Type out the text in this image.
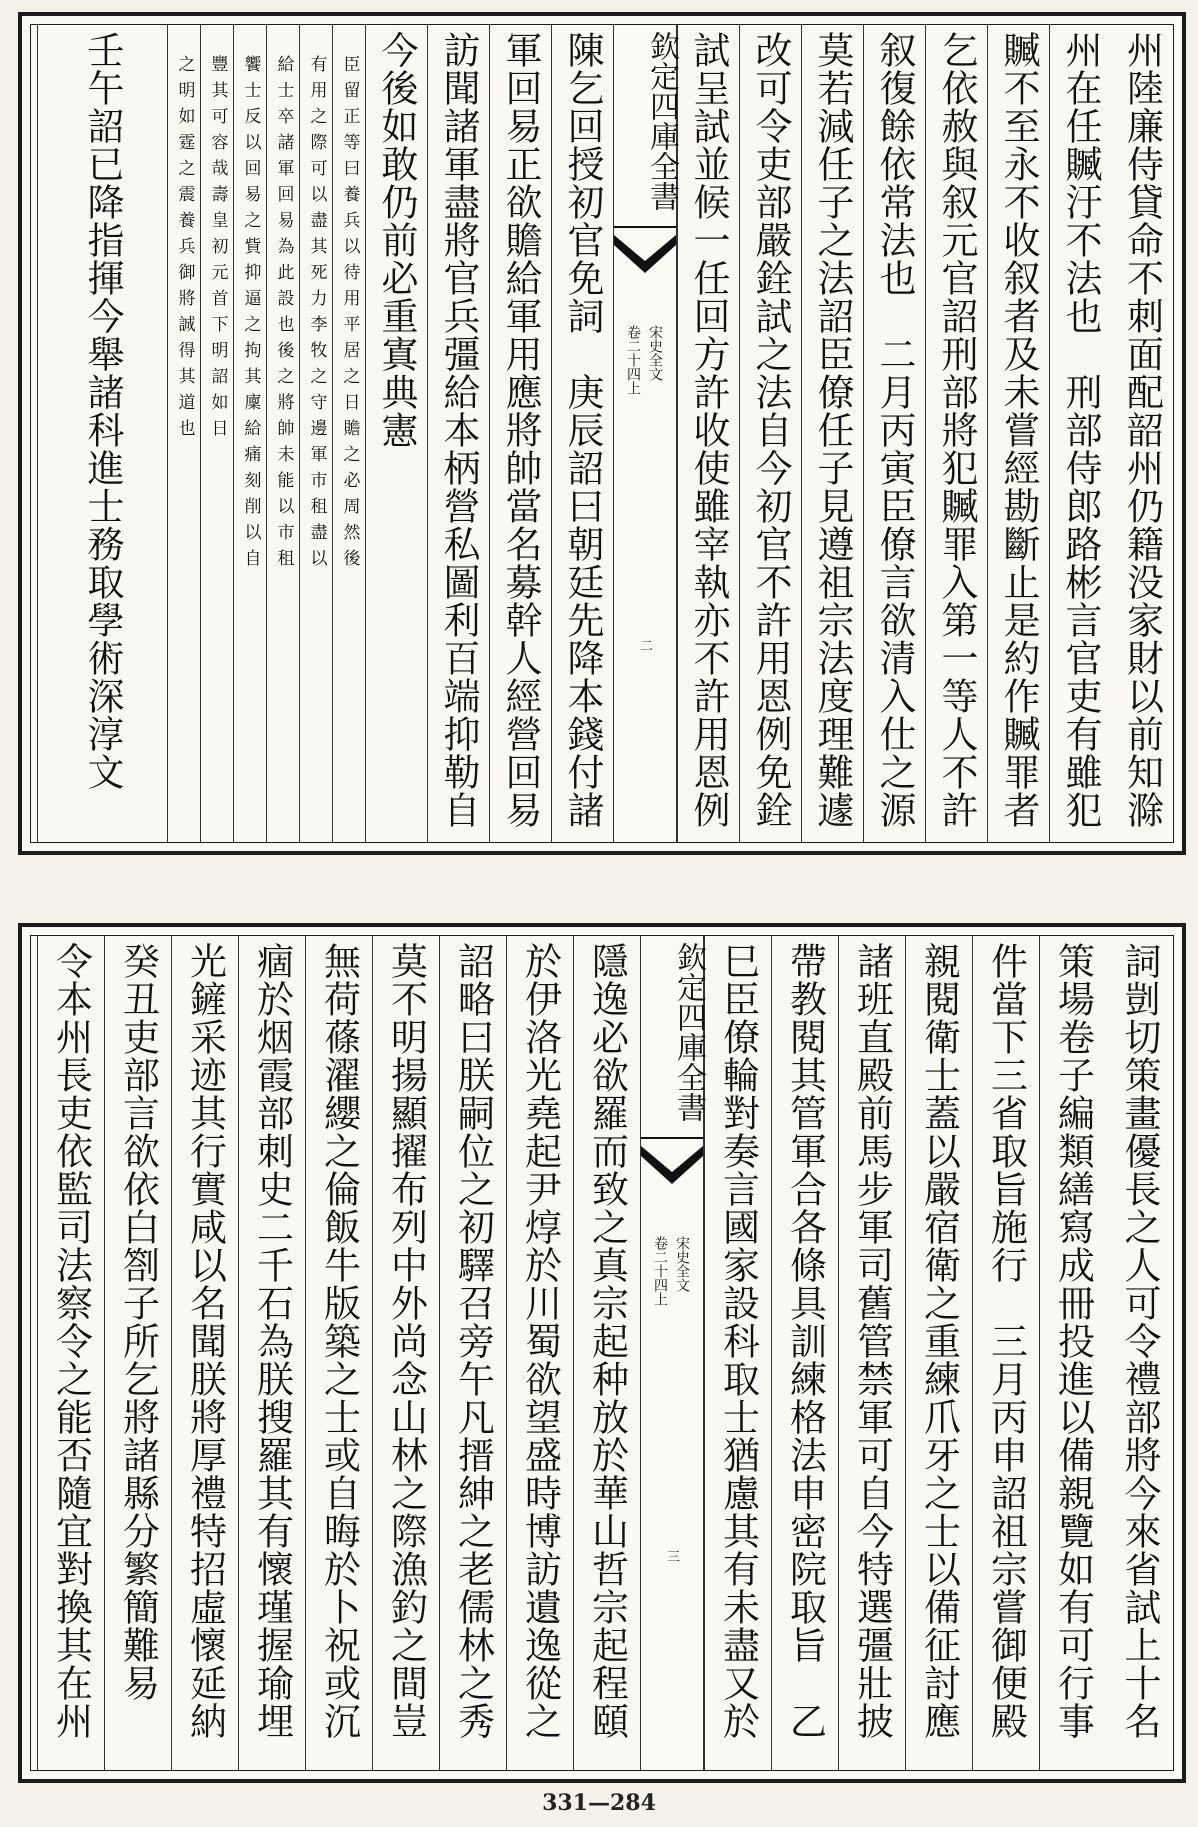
州陸廉侍貸命不刺面配韶州仍籍没家財以前知滁
州在任贓汙不法也　刑部侍郎路彬言官吏有雖犯
贓不至永不收叙者及未嘗經勘斷止是約作贓罪者
乞依赦與叙元官詔刑部將犯贓罪入第一等人不許
叙復餘依常法也　二月丙寅臣僚言欲清入仕之源
莫若減任子之法詔臣僚任子見遵祖宗法度理難遽
改可令吏部嚴銓試之法自今初官不許用恩例免銓
試呈試並候一任回方許收使雖宰執亦不許用恩例
欽定四庫全書
宋史全文
卷二十四上
二
陳乞回授初官免詞　庚辰詔曰朝廷先降本錢付諸
軍回易正欲贍給軍用應將帥當名募幹人經營回易
訪聞諸軍盡將官兵彊給本柄營私圖利百端抑勒自
今後如敢仍前必重寘典憲
臣留正等曰養兵以待用平居之日贍之必周然後
有用之際可以盡其死力李牧之守邊軍市租盡以
給士卒諸軍回易為此設也後之將帥未能以市租
饗士反以回易之貲抑逼之拘其廩給痛刻削以自
豐其可容哉壽皇初元首下明詔如日
之明如霆之震養兵御將誠得其道也
壬午詔已降指揮今舉諸科進士務取學術深淳文
詞剴切策畫優長之人可令禮部將今來省試上十名
策場卷子編類繕寫成冊投進以備親覽如有可行事
件當下三省取旨施行　三月丙申詔祖宗嘗御便殿
親閱衛士蓋以嚴宿衛之重練爪牙之士以備征討應
諸班直殿前馬步軍司舊管禁軍可自今特選彊壯披
帶教閱其管軍合各條具訓練格法申密院取旨　乙
巳臣僚輪對奏言國家設科取士猶慮其有未盡又於
欽定四庫全書
宋史全文
卷二十四上
三
隱逸必欲羅而致之真宗起种放於華山哲宗起程頤
於伊洛光堯起尹焞於川蜀欲望盛時博訪遺逸從之
詔略曰朕嗣位之初驛召旁午凡搢紳之老儒林之秀
莫不明揚顯擢布列中外尚念山林之際漁釣之間豈
無荷蓧濯纓之倫飯牛版築之士或自晦於卜祝或沉
痼於烟霞部刺史二千石為朕搜羅其有懷瑾握瑜埋
光鏟采迹其行實咸以名聞朕將厚禮特招虛懷延納
癸丑吏部言欲依白劄子所乞將諸縣分繁簡難易
令本州長吏依監司法察令之能否隨宜對換其在州
331—284
